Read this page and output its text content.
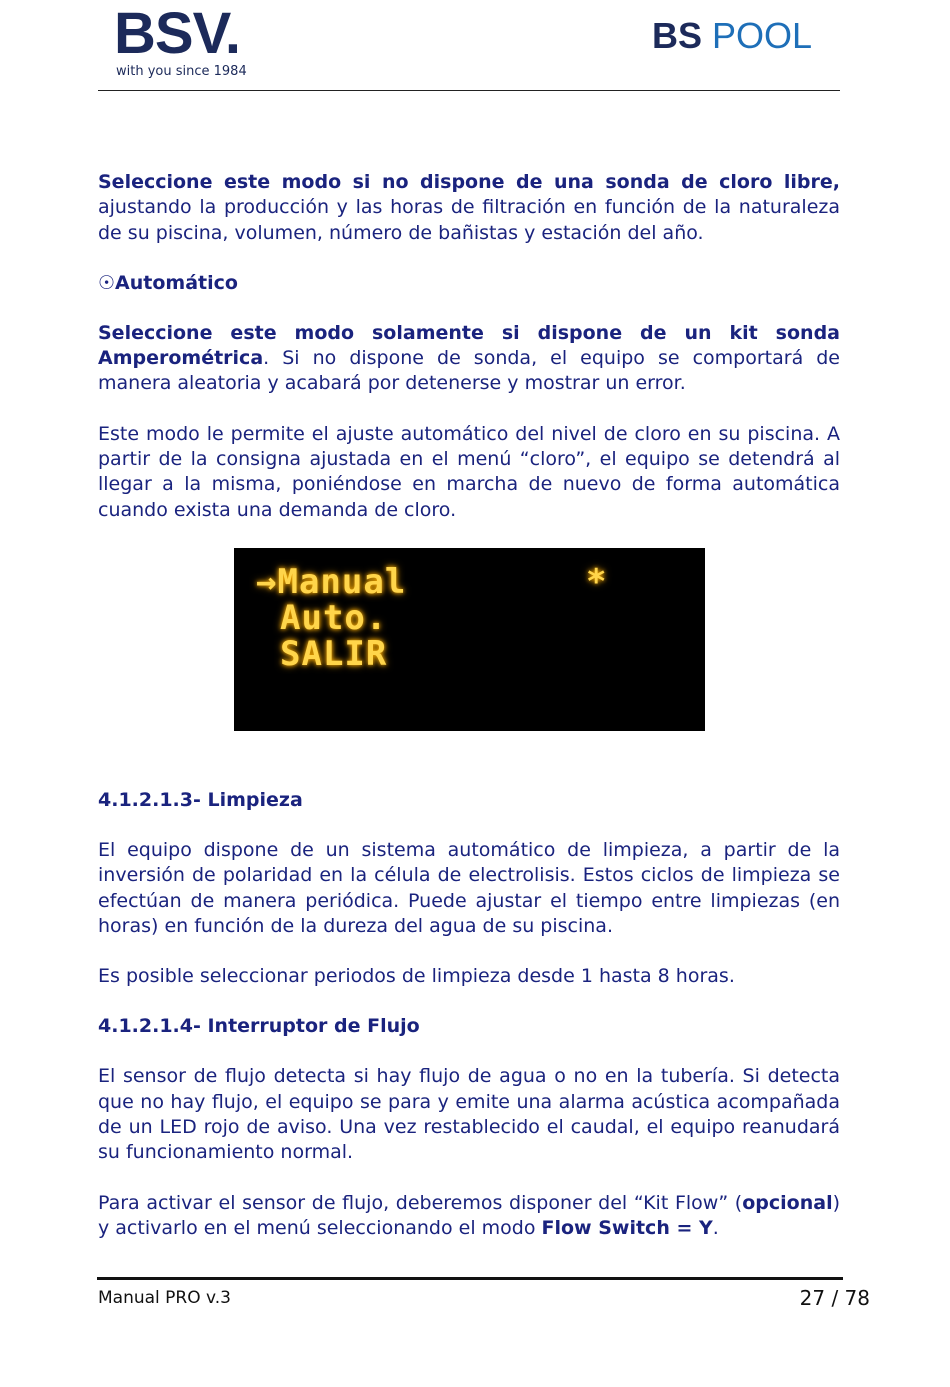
BSV.
with you since 1984
BS POOL

Seleccione este modo si no dispone de una sonda de cloro libre, ajustando la producción y las horas de filtración en función de la naturaleza de su piscina, volumen, número de bañistas y estación del año.

☉Automático

Seleccione este modo solamente si dispone de un kit sonda Amperométrica. Si no dispone de sonda, el equipo se comportará de manera aleatoria y acabará por detenerse y mostrar un error.

Este modo le permite el ajuste automático del nivel de cloro en su piscina. A partir de la consigna ajustada en el menú “cloro”, el equipo se detendrá al llegar a la misma, poniéndose en marcha de nuevo de forma automática cuando exista una demanda de cloro.

4.1.2.1.3- Limpieza

El equipo dispone de un sistema automático de limpieza, a partir de la inversión de polaridad en la célula de electrolisis. Estos ciclos de limpieza se efectúan de manera periódica. Puede ajustar el tiempo entre limpiezas (en horas) en función de la dureza del agua de su piscina.

Es posible seleccionar periodos de limpieza desde 1 hasta 8 horas.

4.1.2.1.4- Interruptor de Flujo

El sensor de flujo detecta si hay flujo de agua o no en la tubería. Si detecta que no hay flujo, el equipo se para y emite una alarma acústica acompañada de un LED rojo de aviso. Una vez restablecido el caudal, el equipo reanudará su funcionamiento normal.

Para activar el sensor de flujo, deberemos disponer del “Kit Flow” (opcional) y activarlo en el menú seleccionando el modo Flow Switch = Y.

→Manual	*
Auto.
SALIR
Manual PRO v.3	27 / 78
